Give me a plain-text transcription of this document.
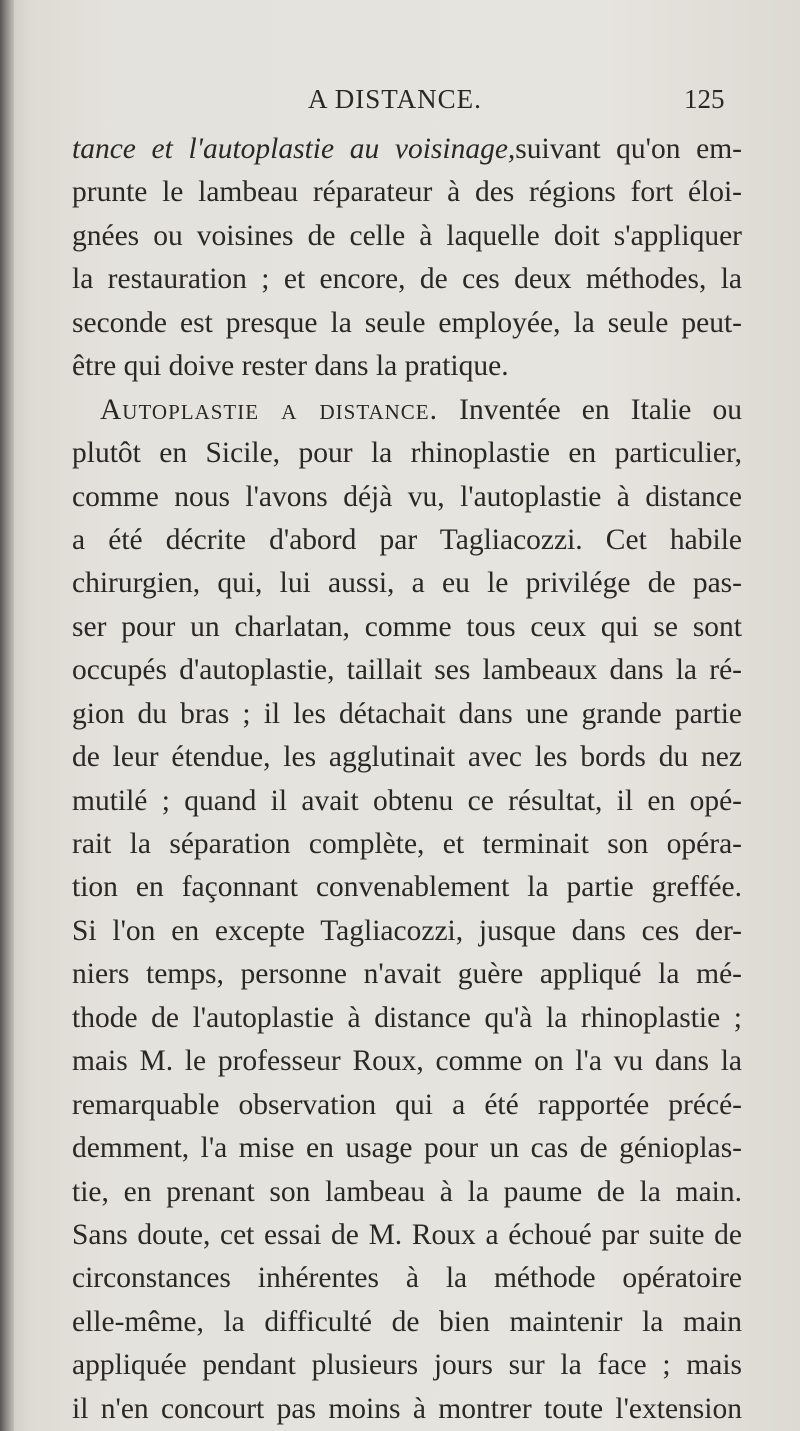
A DISTANCE.	125
tance et l'autoplastie au voisinage,suivant qu'on em-
prunte le lambeau réparateur à des régions fort éloi-
gnées ou voisines de celle à laquelle doit s'appliquer
la restauration ; et encore, de ces deux méthodes, la
seconde est presque la seule employée, la seule peut-
être qui doive rester dans la pratique.
Autoplastie a distance. Inventée en Italie ou
plutôt en Sicile, pour la rhinoplastie en particulier,
comme nous l'avons déjà vu, l'autoplastie à distance
a été décrite d'abord par Tagliacozzi. Cet habile
chirurgien, qui, lui aussi, a eu le privilége de pas-
ser pour un charlatan, comme tous ceux qui se sont
occupés d'autoplastie, taillait ses lambeaux dans la ré-
gion du bras ; il les détachait dans une grande partie
de leur étendue, les agglutinait avec les bords du nez
mutilé ; quand il avait obtenu ce résultat, il en opé-
rait la séparation complète, et terminait son opéra-
tion en façonnant convenablement la partie greffée.
Si l'on en excepte Tagliacozzi, jusque dans ces der-
niers temps, personne n'avait guère appliqué la mé-
thode de l'autoplastie à distance qu'à la rhinoplastie ;
mais M. le professeur Roux, comme on l'a vu dans la
remarquable observation qui a été rapportée précé-
demment, l'a mise en usage pour un cas de génioplas-
tie, en prenant son lambeau à la paume de la main.
Sans doute, cet essai de M. Roux a échoué par suite de
circonstances inhérentes à la méthode opératoire
elle-même, la difficulté de bien maintenir la main
appliquée pendant plusieurs jours sur la face ; mais
il n'en concourt pas moins à montrer toute l'extension
